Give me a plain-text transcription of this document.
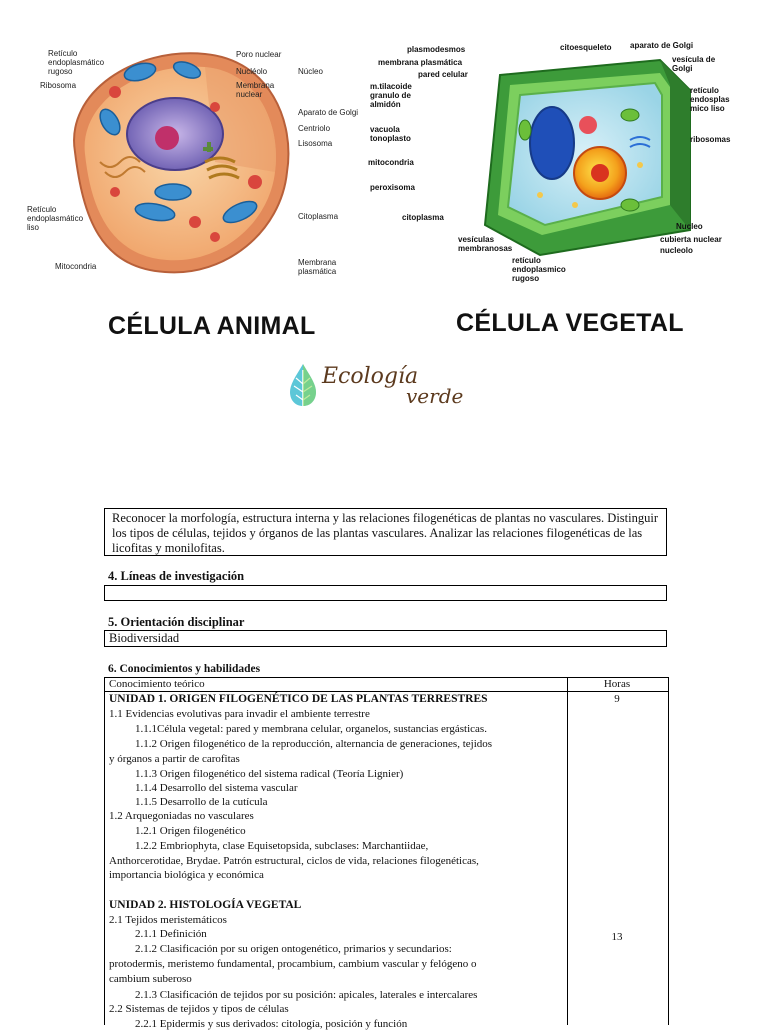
Retículo
endoplasmático
rugoso
Ribosoma
Poro nuclear
Nucléolo
Membrana
nuclear
Núcleo
Aparato de Golgi
Centriolo
Lisosoma
Retículo
endoplasmático
liso
Citoplasma
Mitocondria	Membrana
plasmática
plasmodesmos
membrana plasmática
pared celular
m.tilacoide
granulo de
almidón
vacuola
tonoplasto
mitocondria
peroxisoma
citoplasma
vesículas
membranosas
retículo
endoplasmico
rugoso
citoesqueleto aparato de Golgi
vesícula de
Golgi
retículo
endosplas
mico liso
ribosomas
Nucleo
cubierta nuclear
nucleolo
CÉLULA ANIMAL	CÉLULA VEGETAL
Ecología
verde
Reconocer la morfología, estructura interna y las relaciones filogenéticas de plantas no vasculares. Distinguir los tipos de células, tejidos y órganos de las plantas vasculares. Analizar las relaciones filogenéticas de las licofitas y monilofitas.
4. Líneas de investigación
5. Orientación disciplinar
Biodiversidad
6. Conocimientos y habilidades
Conocimiento teórico	Horas
UNIDAD 1. ORIGEN FILOGENÉTICO DE LAS PLANTAS TERRESTRES	9
1.1 Evidencias evolutivas para invadir el ambiente terrestre
1.1.1Célula vegetal: pared y membrana celular, organelos, sustancias ergásticas.
1.1.2 Origen filogenético de la reproducción, alternancia de generaciones, tejidos
y órganos a partir de carofitas
1.1.3 Origen filogenético del sistema radical (Teoría Lignier)
1.1.4 Desarrollo del sistema vascular
1.1.5 Desarrollo de la cutícula
1.2 Arquegoniadas no vasculares
1.2.1 Origen filogenético
1.2.2 Embriophyta, clase Equisetopsida, subclases: Marchantiidae,
Anthorcerotidae, Brydae. Patrón estructural, ciclos de vida, relaciones filogenéticas,
importancia biológica y económica
UNIDAD 2. HISTOLOGÍA VEGETAL
2.1 Tejidos meristemáticos
2.1.1 Definición	13
2.1.2 Clasificación por su origen ontogenético, primarios y secundarios:
protodermis, meristemo fundamental, procambium, cambium vascular y felógeno o
cambium suberoso
2.1.3 Clasificación de tejidos por su posición: apicales, laterales e intercalares
2.2 Sistemas de tejidos y tipos de células
2.2.1 Epidermis y sus derivados: citología, posición y función
